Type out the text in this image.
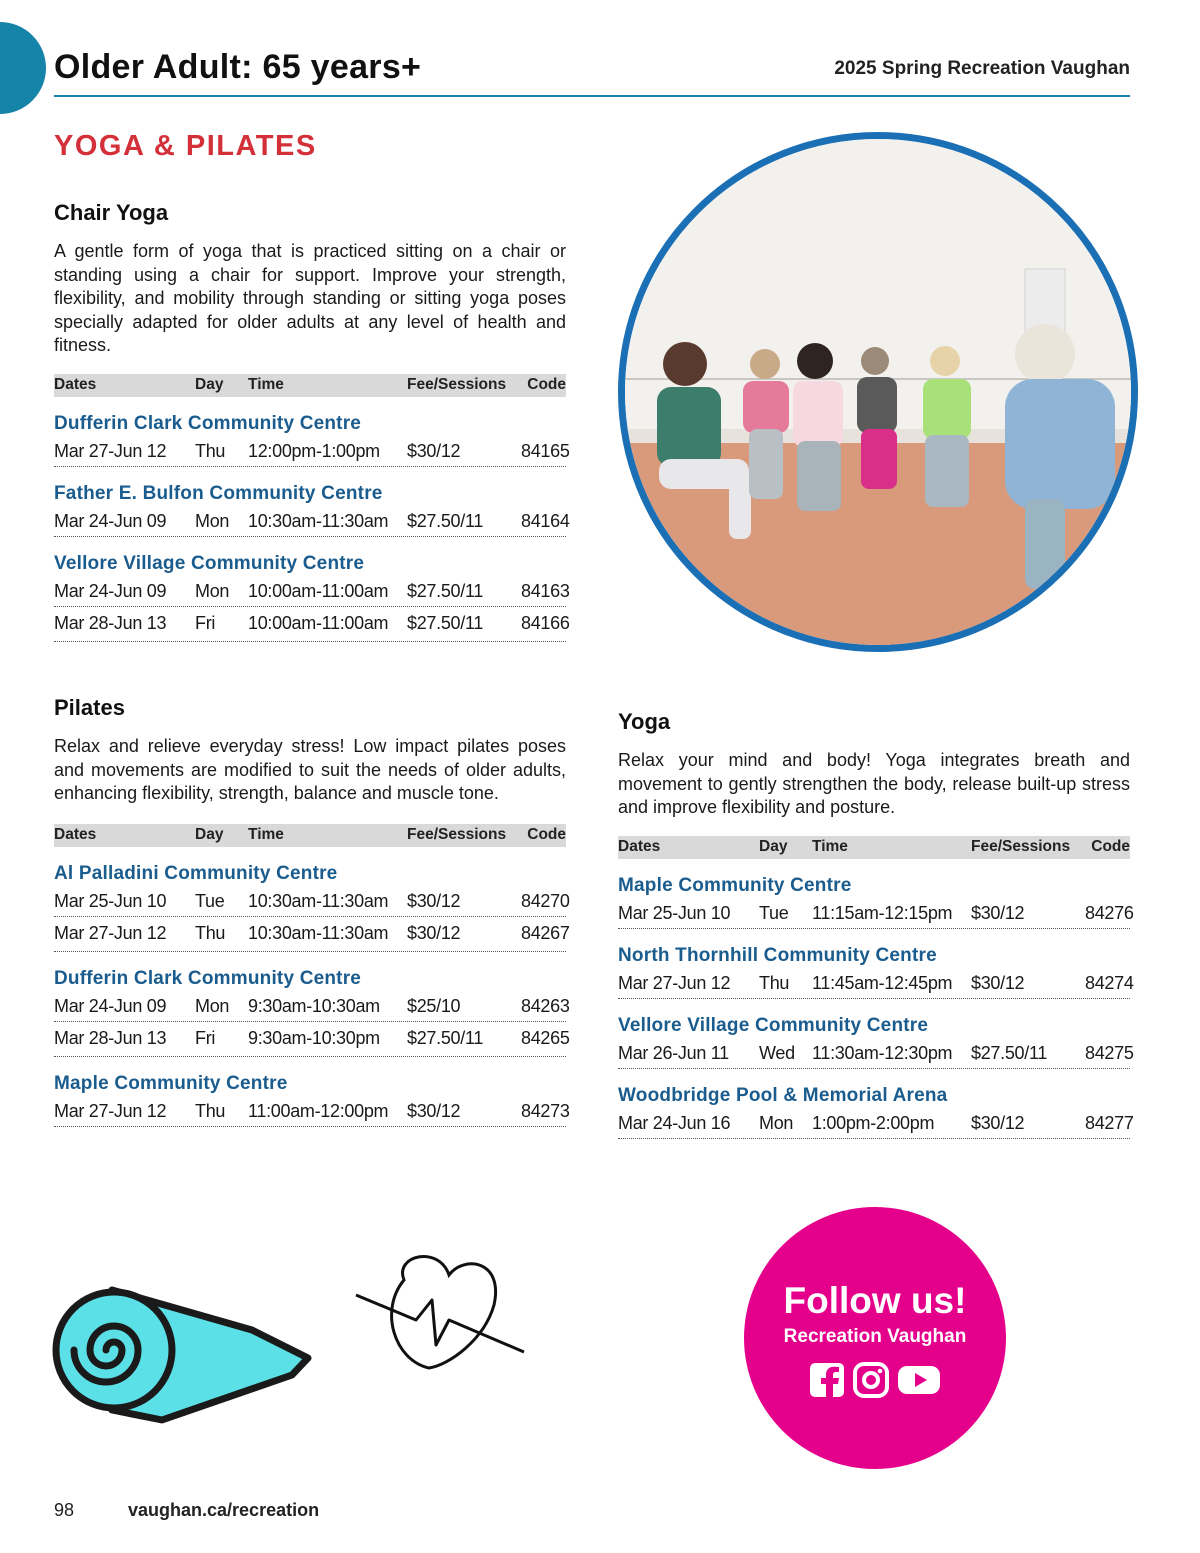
Older Adult: 65 years+	2025 Spring Recreation Vaughan
YOGA & PILATES
Chair Yoga

A gentle form of yoga that is practiced sitting on a chair or standing using a chair for support. Improve your strength, flexibility, and mobility through standing or sitting yoga poses specially adapted for older adults at any level of health and fitness.

Dates	Day	Time	Fee/Sessions	Code
Dufferin Clark Community Centre
Mar 27-Jun 12	Thu	12:00pm-1:00pm	$30/12	84165
Father E. Bulfon Community Centre
Mar 24-Jun 09	Mon	10:30am-11:30am	$27.50/11	84164
Vellore Village Community Centre
Mar 24-Jun 09	Mon	10:00am-11:00am	$27.50/11	84163
Mar 28-Jun 13	Fri	10:00am-11:00am	$27.50/11	84166
Pilates

Relax and relieve everyday stress! Low impact pilates poses and movements are modified to suit the needs of older adults, enhancing flexibility, strength, balance and muscle tone.

Dates	Day	Time	Fee/Sessions	Code
Al Palladini Community Centre
Mar 25-Jun 10	Tue	10:30am-11:30am	$30/12	84270
Mar 27-Jun 12	Thu	10:30am-11:30am	$30/12	84267
Dufferin Clark Community Centre
Mar 24-Jun 09	Mon	9:30am-10:30am	$25/10	84263
Mar 28-Jun 13	Fri	9:30am-10:30pm	$27.50/11	84265
Maple Community Centre
Mar 27-Jun 12	Thu	11:00am-12:00pm	$30/12	84273
Yoga

Relax your mind and body! Yoga integrates breath and movement to gently strengthen the body, release built-up stress and improve flexibility and posture.

Dates	Day	Time	Fee/Sessions	Code
Maple Community Centre
Mar 25-Jun 10	Tue	11:15am-12:15pm	$30/12	84276
North Thornhill Community Centre
Mar 27-Jun 12	Thu	11:45am-12:45pm	$30/12	84274
Vellore Village Community Centre
Mar 26-Jun 11	Wed 11:30am-12:30pm	$27.50/11	84275
Woodbridge Pool & Memorial Arena
Mar 24-Jun 16	Mon	1:00pm-2:00pm	$30/12	84277
Follow us!
Recreation Vaughan
98	vaughan.ca/recreation
